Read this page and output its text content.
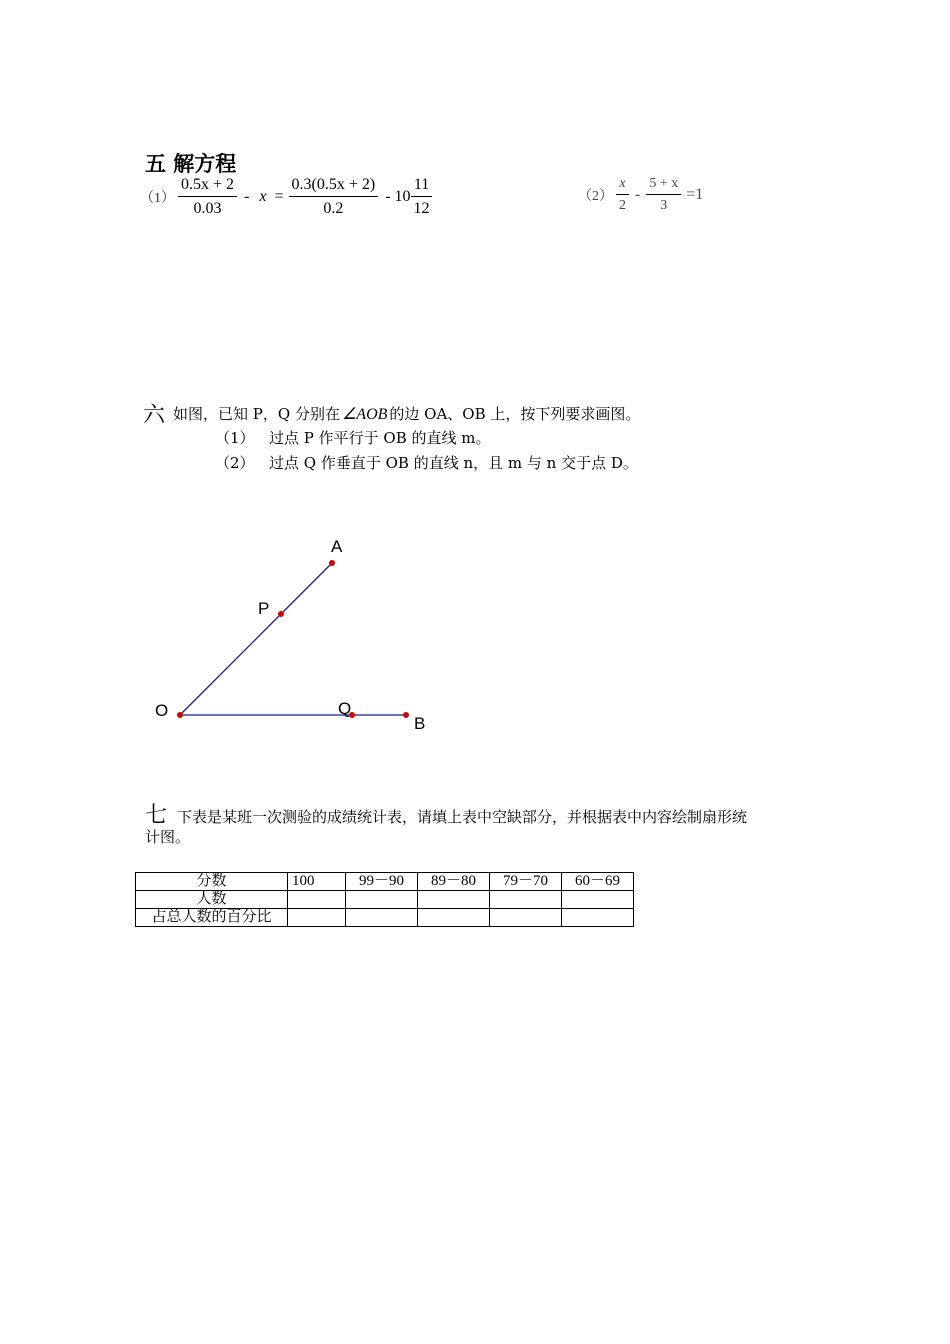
五 解方程
$(1) \frac{0.5x + 2}{0.03} - x = \frac{0.3(0.5x + 2)}{0.2} - 10 \frac{11}{12}$	$(2) \frac{x}{2} - \frac{5 + x}{3} =1$
六 如图，已知 P，Q 分别在 ∠AOB 的边 OA、OB 上，按下列要求画图。
（1） 过点 P 作平行于 OB 的直线 m。
（2） 过点 Q 作垂直于 OB 的直线 n，且 m 与 n 交于点 D。
A
P
O	Q
B
七 下表是某班一次测验的成绩统计表，请填上表中空缺部分，并根据表中内容绘制扇形统
计图。
分数	100	99－90	89－80	79－70	60－69
人数					
占总人数的百分比					
